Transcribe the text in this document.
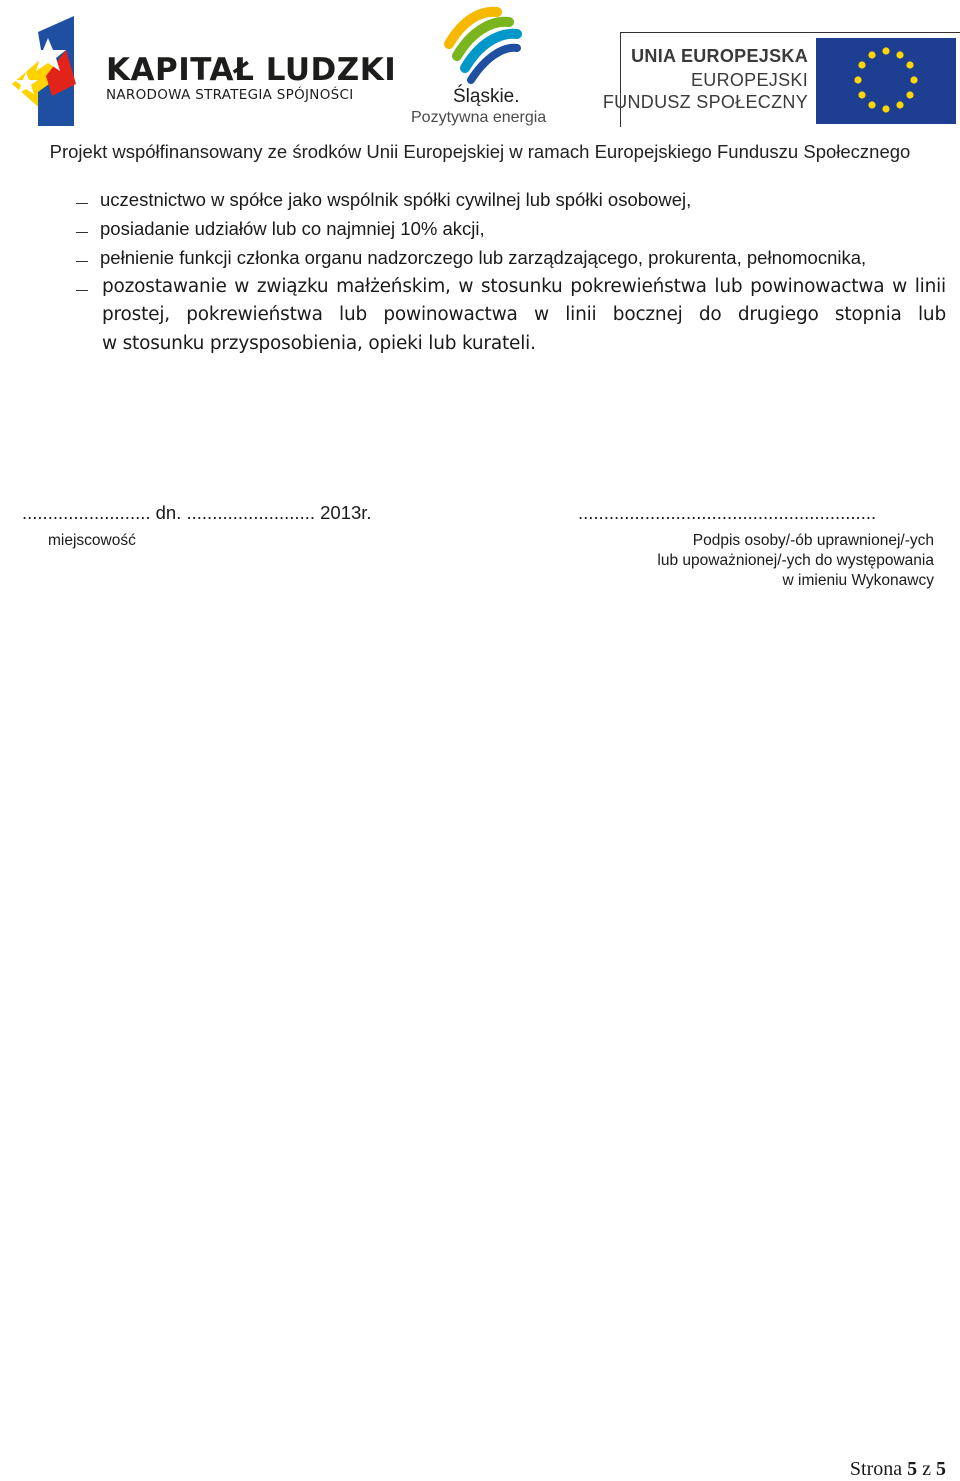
KAPITAŁ LUDZKI
NARODOWA STRATEGIA SPÓJNOŚCI	Śląskie.
Pozytywna energia
UNIA EUROPEJSKA
EUROPEJSKI
FUNDUSZ SPOŁECZNY
Projekt współfinansowany ze środków Unii Europejskiej w ramach Europejskiego Funduszu Społecznego
uczestnictwo w spółce jako wspólnik spółki cywilnej lub spółki osobowej,
posiadanie udziałów lub co najmniej 10% akcji,
pełnienie funkcji członka organu nadzorczego lub zarządzającego, prokurenta, pełnomocnika,
pozostawanie w związku małżeńskim, w stosunku pokrewieństwa lub powinowactwa w linii
prostej, pokrewieństwa lub powinowactwa w linii bocznej do drugiego stopnia lub
w stosunku przysposobienia, opieki lub kurateli.
......................... dn. ......................... 2013r.	..........................................................
miejscowość	Podpis osoby/-ób uprawnionej/-ych
lub upoważnionej/-ych do występowania
w imieniu Wykonawcy
Strona 5 z 5
